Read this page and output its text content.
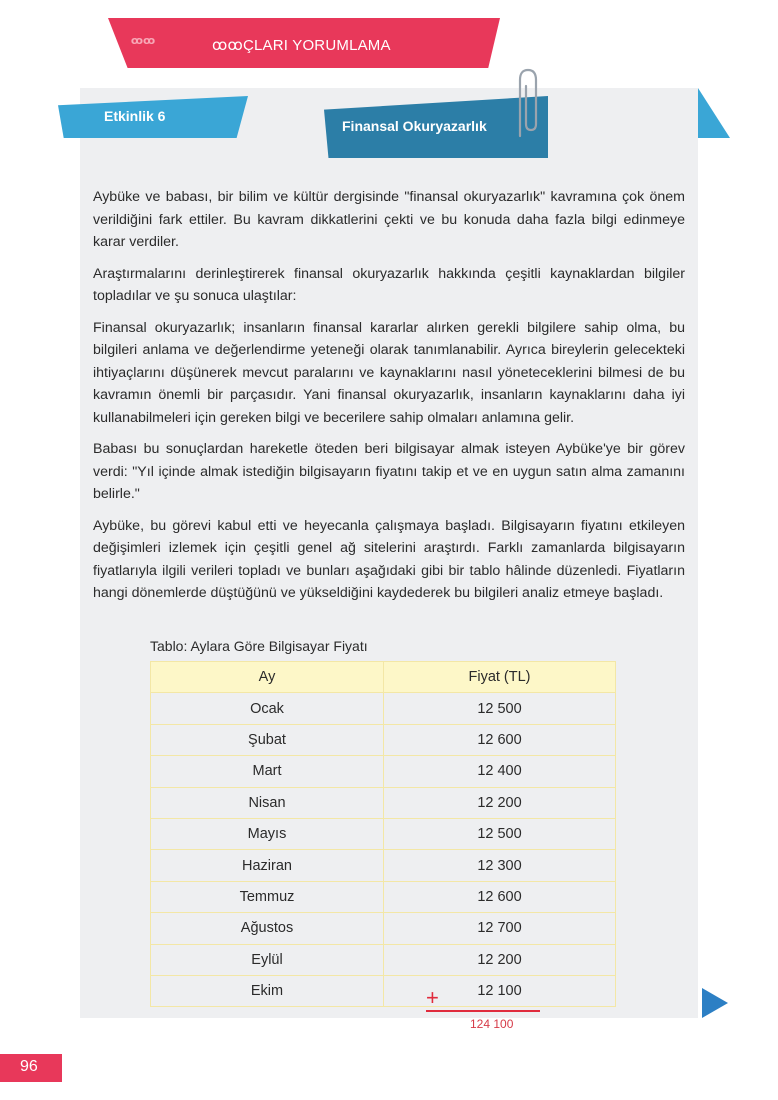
ꝏꝏ	ꝏꝏÇLARI YORUMLAMA
Etkinlik 6
Finansal Okuryazarlık

Aybüke ve babası, bir bilim ve kültür dergisinde "finansal okuryazarlık" kavramına çok önem verildiğini fark ettiler. Bu kavram dikkatlerini çekti ve bu konuda daha fazla bilgi edinmeye karar verdiler.

Araştırmalarını derinleştirerek finansal okuryazarlık hakkında çeşitli kaynaklardan bilgiler topladılar ve şu sonuca ulaştılar:

Finansal okuryazarlık; insanların finansal kararlar alırken gerekli bilgilere sahip olma, bu bilgileri anlama ve değerlendirme yeteneği olarak tanımlanabilir. Ayrıca bireylerin gelecekteki ihtiyaçlarını düşünerek mevcut paralarını ve kaynaklarını nasıl yöneteceklerini bilmesi de bu kavramın önemli bir parçasıdır. Yani finansal okuryazarlık, insanların kaynaklarını daha iyi kullanabilmeleri için gereken bilgi ve becerilere sahip olmaları anlamına gelir.

Babası bu sonuçlardan hareketle öteden beri bilgisayar almak isteyen Aybüke'ye bir görev verdi: "Yıl içinde almak istediğin bilgisayarın fiyatını takip et ve en uygun satın alma zamanını belirle."

Aybüke, bu görevi kabul etti ve heyecanla çalışmaya başladı. Bilgisayarın fiyatını etkileyen değişimleri izlemek için çeşitli genel ağ sitelerini araştırdı. Farklı zamanlarda bilgisayarın fiyatlarıyla ilgili verileri topladı ve bunları aşağıdaki gibi bir tablo hâlinde düzenledi. Fiyatların hangi dönemlerde düştüğünü ve yükseldiğini kaydederek bu bilgileri analiz etmeye başladı.

Tablo: Aylara Göre Bilgisayar Fiyatı
Ay	Fiyat (TL)
Ocak	12 500
Şubat	12 600
Mart	12 400
Nisan	12 200
Mayıs	12 500
Haziran	12 300
Temmuz	12 600
Ağustos	12 700
Eylül	12 200
Ekim	12 100
+
124 100
96
